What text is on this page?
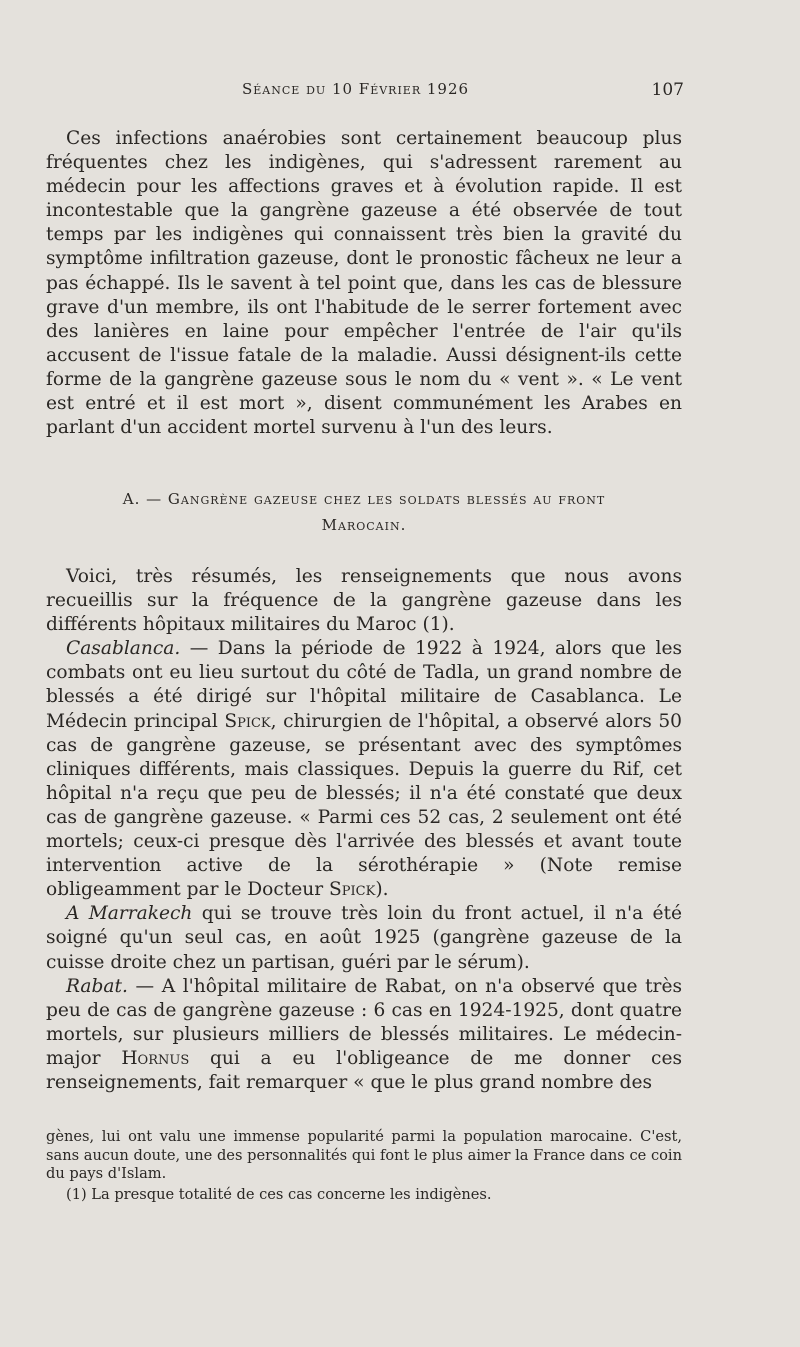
Séance du 10 Février 1926	107

Ces infections anaérobies sont certainement beaucoup plus fréquentes chez les indigènes, qui s'adressent rarement au médecin pour les affections graves et à évolution rapide. Il est incontestable que la gangrène gazeuse a été observée de tout temps par les indigènes qui connaissent très bien la gravité du symptôme infiltration gazeuse, dont le pronostic fâcheux ne leur a pas échappé. Ils le savent à tel point que, dans les cas de blessure grave d'un membre, ils ont l'habitude de le serrer fortement avec des lanières en laine pour empêcher l'entrée de l'air qu'ils accusent de l'issue fatale de la maladie. Aussi désignent-ils cette forme de la gangrène gazeuse sous le nom du « vent ». « Le vent est entré et il est mort », disent communément les Arabes en parlant d'un accident mortel survenu à l'un des leurs.

A. — Gangrène gazeuse chez les soldats blessés au front
Marocain.

Voici, très résumés, les renseignements que nous avons recueillis sur la fréquence de la gangrène gazeuse dans les différents hôpitaux militaires du Maroc (1).

Casablanca. — Dans la période de 1922 à 1924, alors que les combats ont eu lieu surtout du côté de Tadla, un grand nombre de blessés a été dirigé sur l'hôpital militaire de Casablanca. Le Médecin principal Spick, chirurgien de l'hôpital, a observé alors 50 cas de gangrène gazeuse, se présentant avec des symptômes cliniques différents, mais classiques. Depuis la guerre du Rif, cet hôpital n'a reçu que peu de blessés; il n'a été constaté que deux cas de gangrène gazeuse. « Parmi ces 52 cas, 2 seulement ont été mortels; ceux-ci presque dès l'arrivée des blessés et avant toute intervention active de la sérothérapie » (Note remise obligeamment par le Docteur Spick).

A Marrakech qui se trouve très loin du front actuel, il n'a été soigné qu'un seul cas, en août 1925 (gangrène gazeuse de la cuisse droite chez un partisan, guéri par le sérum).

Rabat. — A l'hôpital militaire de Rabat, on n'a observé que très peu de cas de gangrène gazeuse : 6 cas en 1924-1925, dont quatre mortels, sur plusieurs milliers de blessés militaires. Le médecin-major Hornus qui a eu l'obligeance de me donner ces renseignements, fait remarquer « que le plus grand nombre des

gènes, lui ont valu une immense popularité parmi la population marocaine. C'est, sans aucun doute, une des personnalités qui font le plus aimer la France dans ce coin du pays d'Islam.

(1) La presque totalité de ces cas concerne les indigènes.
